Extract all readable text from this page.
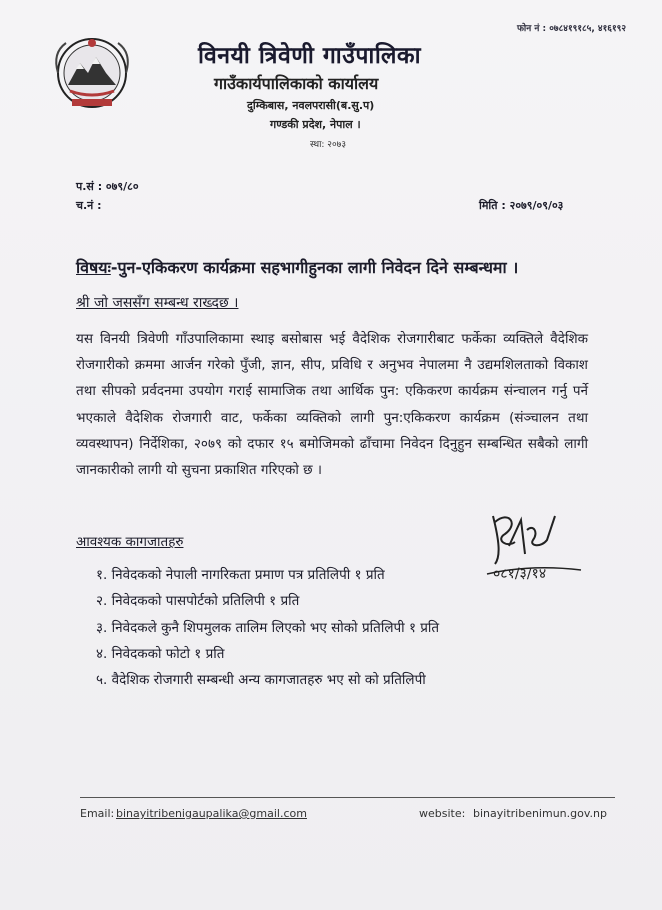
फोन नं : ०७८४१९१८५, ४१६१९२
विनयी त्रिवेणी गाउँपालिका
गाउँकार्यपालिकाको कार्यालय
दुम्किबास, नवलपरासी(ब.सु.प)
गण्डकी प्रदेश, नेपाल ।
स्था: २०७३
प.सं : ०७९/८०
च.नं :	मिति : २०७९/०९/०३
विषयः-पुन-एकिकरण कार्यक्रमा सहभागीहुनका लागी निवेदन दिने सम्बन्धमा ।
श्री जो जससँग सम्बन्ध राख्दछ ।
यस विनयी त्रिवेणी गाँउपालिकामा स्थाइ बसोबास भई वैदेशिक रोजगारीबाट फर्केका व्यक्तिले वैदेशिक रोजगारीको क्रममा आर्जन गरेको पुँजी, ज्ञान, सीप, प्रविधि र अनुभव नेपालमा नै उद्यमशिलताको विकाश तथा सीपको प्रर्वदनमा उपयोग गराई सामाजिक तथा आर्थिक पुन: एकिकरण कार्यक्रम संन्चालन गर्नु पर्ने भएकाले वैदेशिक रोजगारी वाट, फर्केका व्यक्तिको लागी पुन:एकिकरण कार्यक्रम (संञ्चालन तथा व्यवस्थापन) निर्देशिका, २०७९ को दफार १५ बमोजिमको ढाँचामा निवेदन दिनुहुन सम्बन्धित सबैको लागी जानकारीको लागी यो सुचना प्रकाशित गरिएको छ ।
आवश्यक कागजातहरु
१. निवेदकको नेपाली नागरिकता प्रमाण पत्र प्रतिलिपी १ प्रति
२. निवेदकको पासपोर्टको प्रतिलिपी १ प्रति
३. निवेदकले कुनै शिपमुलक तालिम लिएको भए सोको प्रतिलिपी १ प्रति
४. निवेदकको फोटो १ प्रति
५. वैदेशिक रोजगारी सम्बन्धी अन्य कागजातहरु भए सो को प्रतिलिपी
०८१/३/१४
Email: binayitribenigaupalika@gmail.com	website: binayitribenimun.gov.np
